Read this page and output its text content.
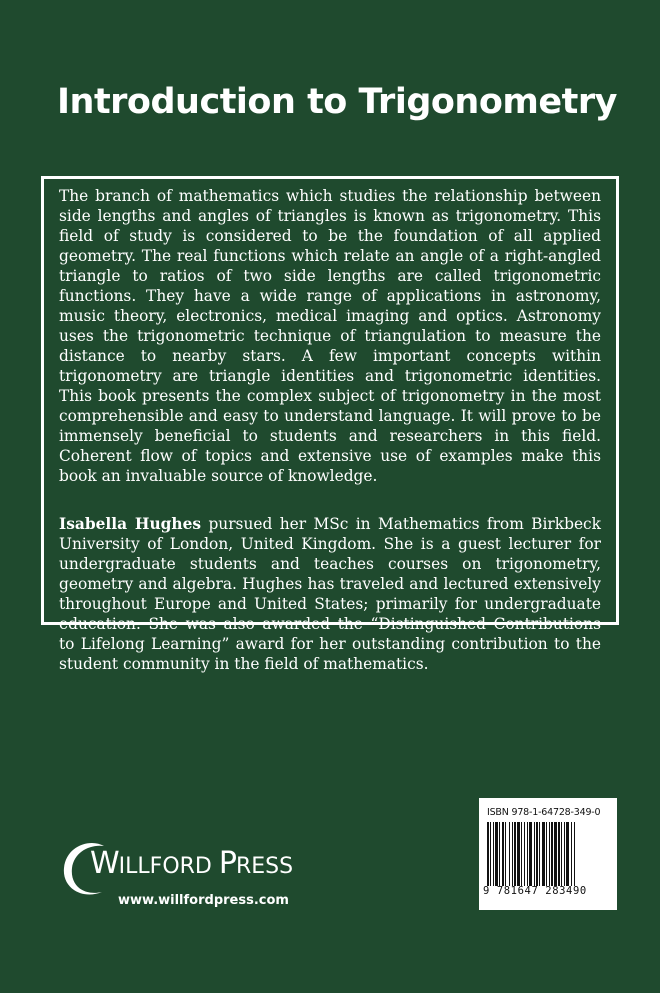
Introduction to Trigonometry

The branch of mathematics which studies the relationship between side lengths and angles of triangles is known as trigonometry. This field of study is considered to be the foundation of all applied geometry. The real functions which relate an angle of a right-angled triangle to ratios of two side lengths are called trigonometric functions. They have a wide range of applications in astronomy, music theory, electronics, medical imaging and optics. Astronomy uses the trigonometric technique of triangulation to measure the distance to nearby stars. A few important concepts within trigonometry are triangle identities and trigonometric identities. This book presents the complex subject of trigonometry in the most comprehensible and easy to understand language. It will prove to be immensely beneficial to students and researchers in this field. Coherent flow of topics and extensive use of examples make this book an invaluable source of knowledge.

Isabella Hughes pursued her MSc in Mathematics from Birkbeck University of London, United Kingdom. She is a guest lecturer for undergraduate students and teaches courses on trigonometry, geometry and algebra. Hughes has traveled and lectured extensively throughout Europe and United States; primarily for undergraduate education. She was also awarded the “Distinguished Contributions to Lifelong Learning” award for her outstanding contribution to the student community in the field of mathematics.

WILLFORD PRESS
www.willfordpress.com
ISBN 978-1-64728-349-0
9 781647 283490
